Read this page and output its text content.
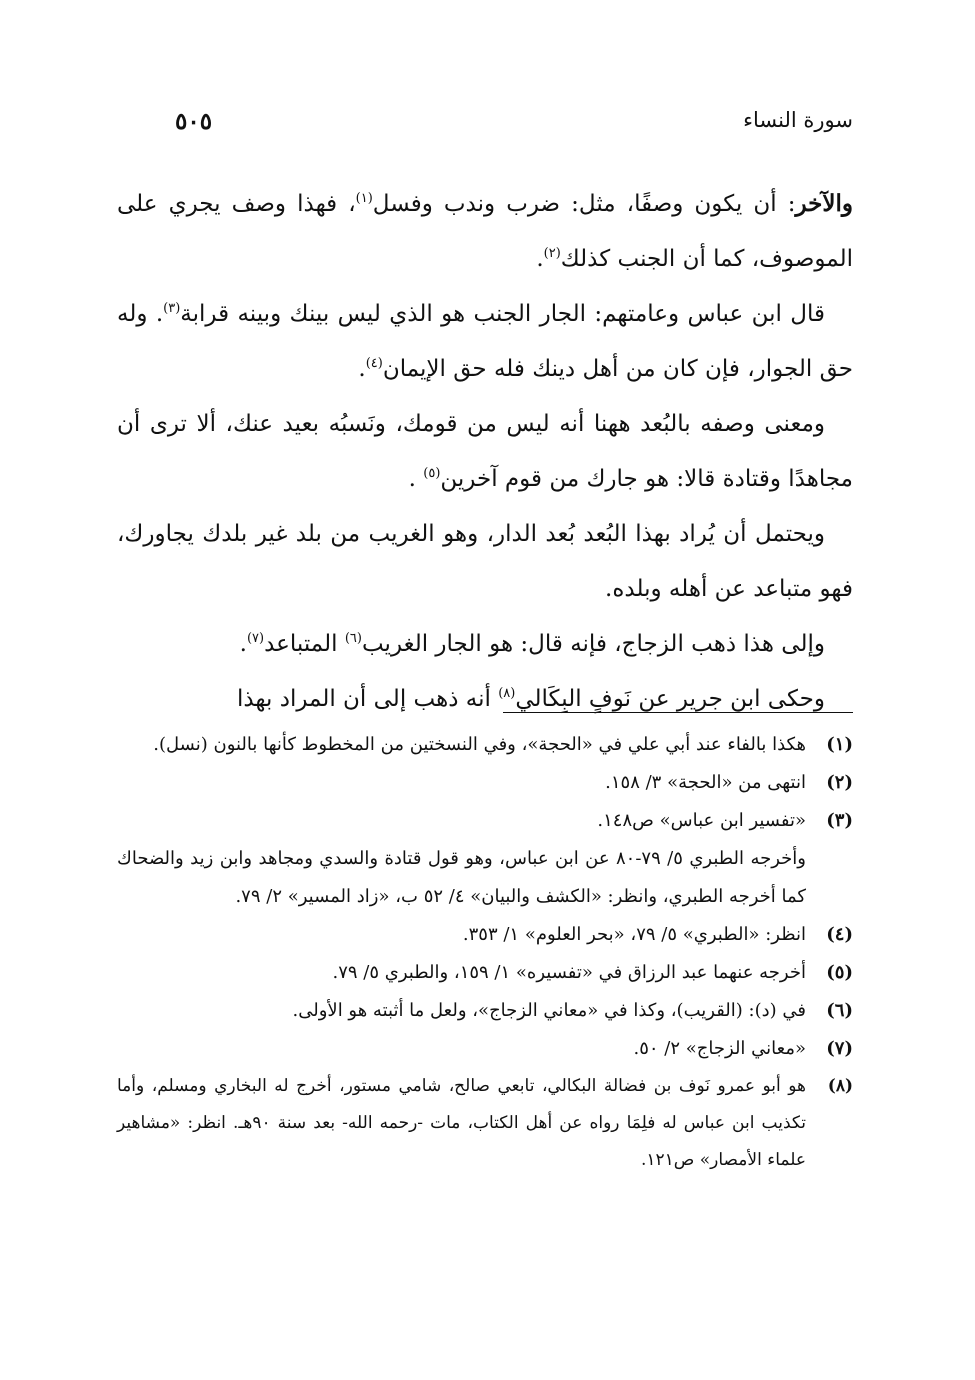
سورة النساء
٥٠٥

والآخر: أن يكون وصفًا، مثل: ضرب وندب وفسل$^{(١)}$، فهذا وصف يجري على الموصوف، كما أن الجنب كذلك$^{(٢)}$.

قال ابن عباس وعامتهم: الجار الجنب هو الذي ليس بينك وبينه قرابة$^{(٣)}$. وله حق الجوار، فإن كان من أهل دينك فله حق الإيمان$^{(٤)}$.

ومعنى وصفه بالبُعد ههنا أنه ليس من قومك، ونَسبُه بعيد عنك، ألا ترى أن مجاهدًا وقتادة قالا: هو جارك من قوم آخرين$^{(٥)}$ .

ويحتمل أن يُراد بهذا البُعد بُعد الدار، وهو الغريب من بلد غير بلدك يجاورك، فهو متباعد عن أهله وبلده.

وإلى هذا ذهب الزجاج، فإنه قال: هو الجار الغريب$^{(٦)}$ المتباعد$^{(٧)}$.

وحكى ابن جرير عن نَوفٍ البِكَالي$^{(٨)}$ أنه ذهب إلى أن المراد بهذا

(١)
هكذا بالفاء عند أبي علي في «الحجة»، وفي النسختين من المخطوط كأنها بالنون (نسل).
(٢)
انتهى من «الحجة» ٣/ ١٥٨.
(٣)
«تفسير ابن عباس» ص١٤٨.
وأخرجه الطبري ٥/ ٧٩-٨٠ عن ابن عباس، وهو قول قتادة والسدي ومجاهد وابن زيد والضحاك كما أخرجه الطبري، وانظر: «الكشف والبيان» ٤/ ٥٢ ب، «زاد المسير» ٢/ ٧٩.
(٤)
انظر: «الطبري» ٥/ ٧٩، «بحر العلوم» ١/ ٣٥٣.
(٥)
أخرجه عنهما عبد الرزاق في «تفسيره» ١/ ١٥٩، والطبري ٥/ ٧٩.
(٦)
في (د): (القريب)، وكذا في «معاني الزجاج»، ولعل ما أثبته هو الأولى.
(٧)
«معاني الزجاج» ٢/ ٥٠.
(٨)
هو أبو عمرو نَوف بن فضالة البكالي، تابعي صالح، شامي مستور، أخرج له البخاري ومسلم، وأما تكذيب ابن عباس له فلِمَا رواه عن أهل الكتاب، مات -رحمه الله- بعد سنة ٩٠هـ. انظر: «مشاهير علماء الأمصار» ص١٢١.
